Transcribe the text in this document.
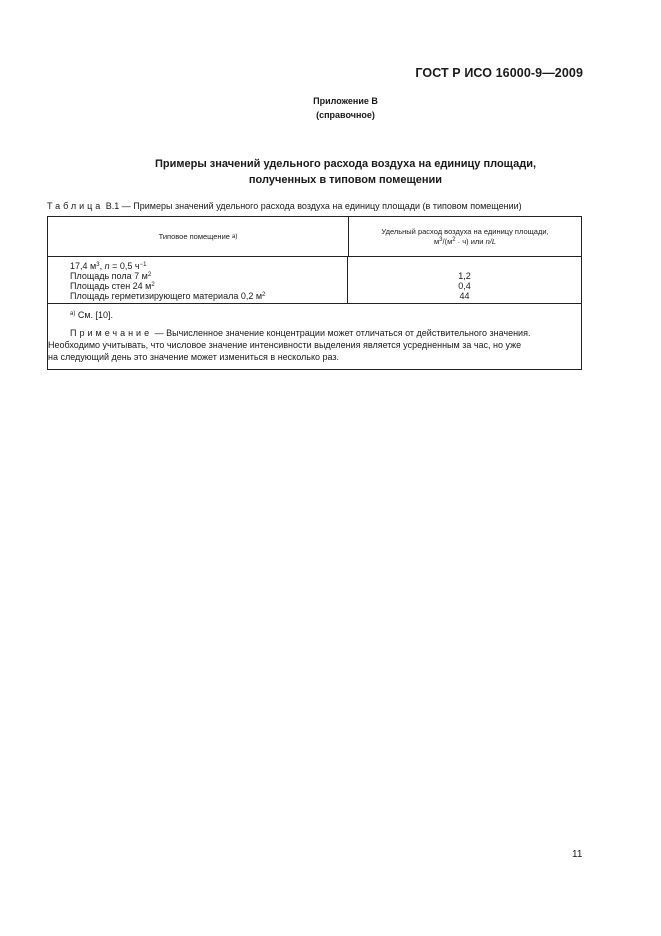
ГОСТ Р ИСО 16000-9—2009
Приложение В
(справочное)
Примеры значений удельного расхода воздуха на единицу площади,
полученных в типовом помещении
Таблица В.1 — Примеры значений удельного расхода воздуха на единицу площади (в типовом помещении)
Типовое помещение
a)
Удельный расход воздуха на единицу площади,
$м^3/(м^2 \cdot ч)$ или n/L
17,4 $м^3$, n = 0,5 $ч^{-1}$
Площадь пола 7 $м^2$
Площадь стен 24 $м^2$
Площадь герметизирующего материала 0,2 $м^2$
1,2
0,4
44
$^{a)}$ См. [10].
Примечание — Вычисленное значение концентрации может отличаться от действительного значения.
Необходимо учитывать, что числовое значение интенсивности выделения является усредненным за час, но уже
на следующий день это значение может измениться в несколько раз.
11
